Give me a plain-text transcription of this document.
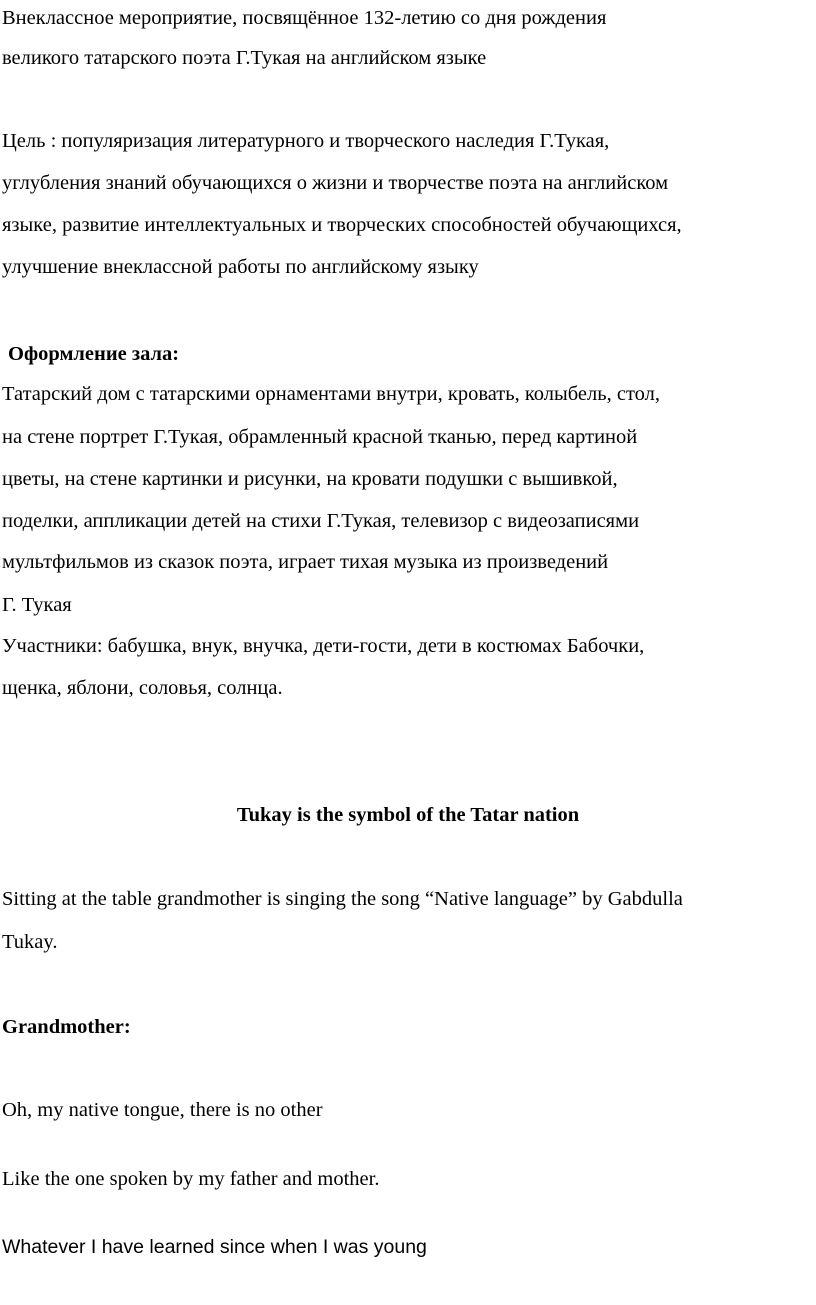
Внеклассное мероприятие, посвящённое 132-летию со дня рождения
великого татарского поэта Г.Тукая на английском языке
Цель : популяризация литературного и творческого наследия Г.Тукая,
углубления знаний обучающихся о жизни и творчестве поэта на английском
языке, развитие интеллектуальных и творческих способностей обучающихся,
улучшение внеклассной работы по английскому языку
Оформление зала:
Татарский дом с татарскими орнаментами внутри, кровать, колыбель, стол,
на стене портрет Г.Тукая, обрамленный красной тканью, перед картиной
цветы, на стене картинки и рисунки, на кровати подушки с вышивкой,
поделки, аппликации детей на стихи Г.Тукая, телевизор с видеозаписями
мультфильмов из сказок поэта, играет тихая музыка из произведений
Г. Тукая
Участники: бабушка, внук, внучка, дети-гости, дети в костюмах Бабочки,
щенка, яблони, соловья, солнца.
Tukay is the symbol of the Tatar nation
Sitting at the table grandmother is singing the song “Native language” by Gabdulla
Tukay.
Grandmother:
Oh, my native tongue, there is no other
Like the one spoken by my father and mother.
Whatever I have learned since when I was young
